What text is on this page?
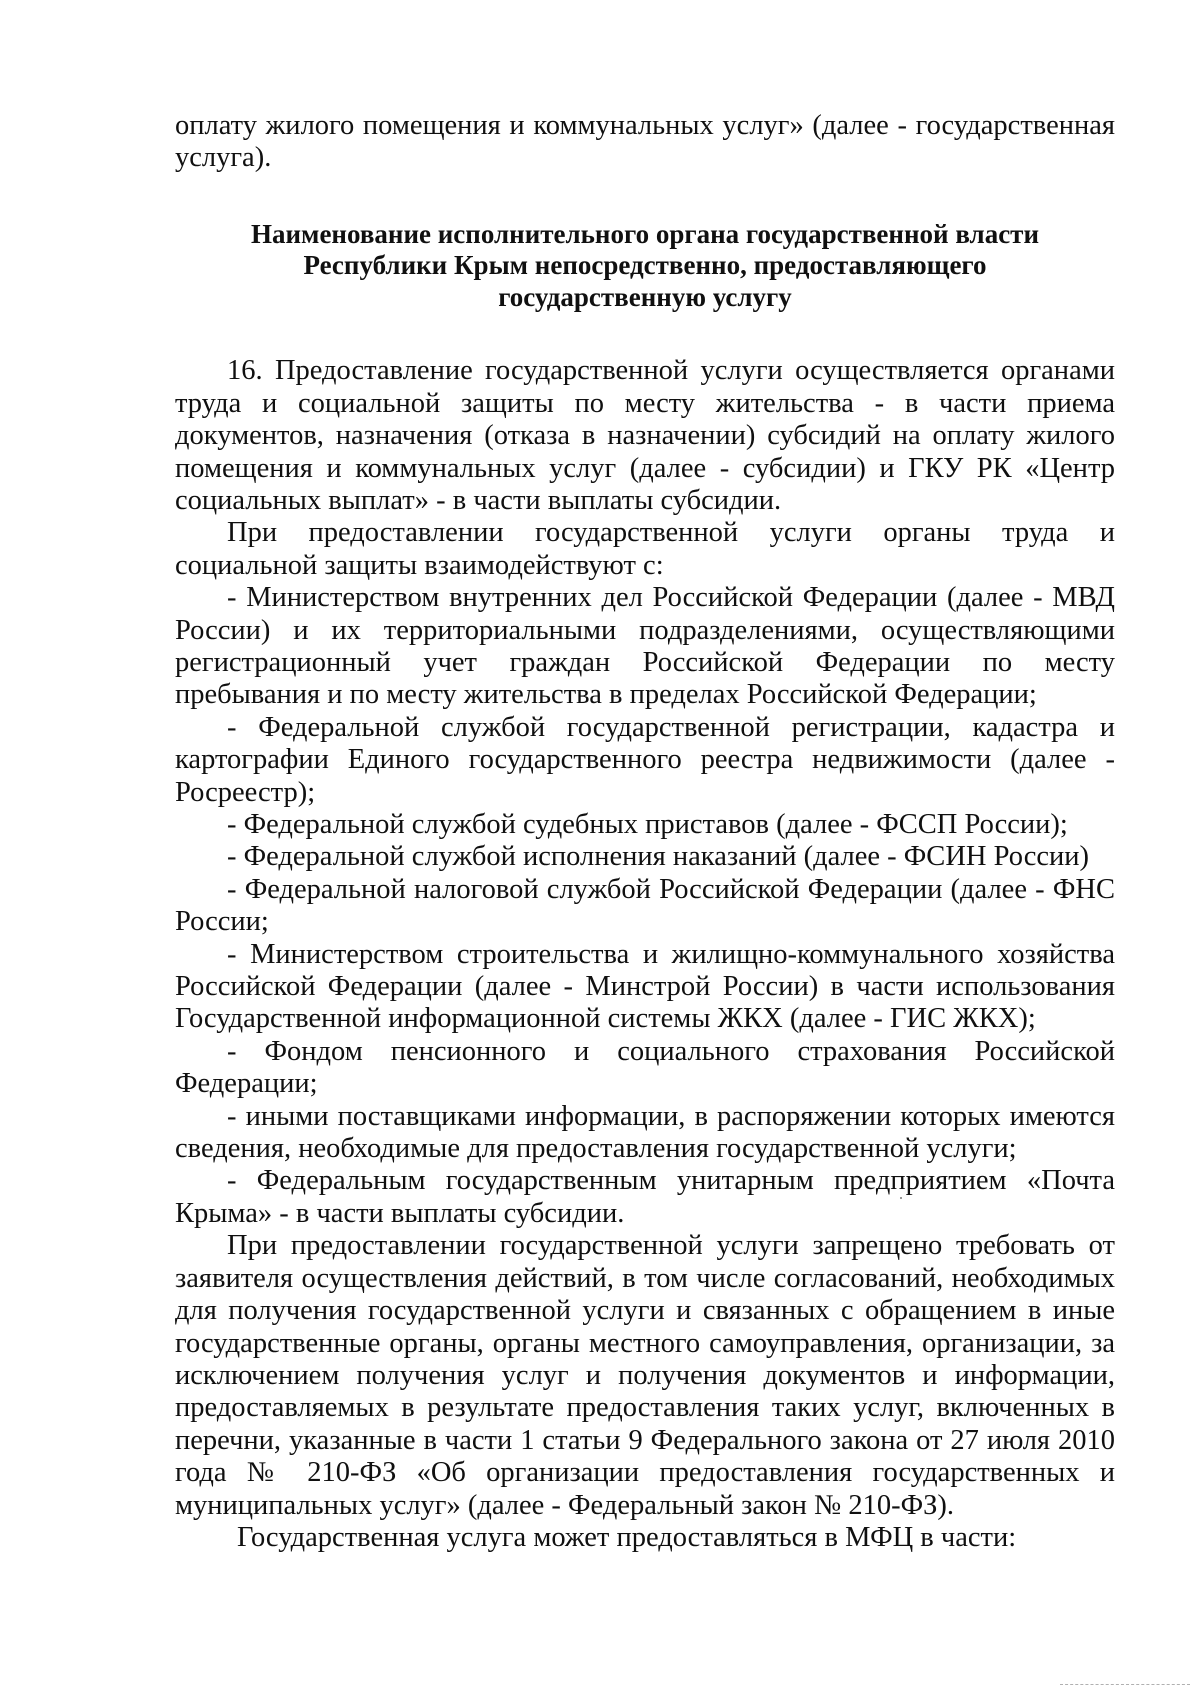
оплату жилого помещения и коммунальных услуг» (далее - государственная услуга).

Наименование исполнительного органа государственной власти
Республики Крым непосредственно, предоставляющего
государственную услугу

16. Предоставление государственной услуги осуществляется органами труда и социальной защиты по месту жительства - в части приема документов, назначения (отказа в назначении) субсидий на оплату жилого помещения и коммунальных услуг (далее - субсидии) и ГКУ РК «Центр социальных выплат» - в части выплаты субсидии.

При предоставлении государственной услуги органы труда и социальной защиты взаимодействуют с:

- Министерством внутренних дел Российской Федерации (далее - МВД России) и их территориальными подразделениями, осуществляющими регистрационный учет граждан Российской Федерации по месту пребывания и по месту жительства в пределах Российской Федерации;

- Федеральной службой государственной регистрации, кадастра и картографии Единого государственного реестра недвижимости (далее - Росреестр);

- Федеральной службой судебных приставов (далее - ФССП России);

- Федеральной службой исполнения наказаний (далее - ФСИН России)

- Федеральной налоговой службой Российской Федерации (далее - ФНС России;

- Министерством строительства и жилищно-коммунального хозяйства Российской Федерации (далее - Минстрой России) в части использования Государственной информационной системы ЖКХ (далее - ГИС ЖКХ);

- Фондом пенсионного и социального страхования Российской Федерации;

- иными поставщиками информации, в распоряжении которых имеются сведения, необходимые для предоставления государственной услуги;

- Федеральным государственным унитарным предприятием «Почта Крыма» - в части выплаты субсидии.

При предоставлении государственной услуги запрещено требовать от заявителя осуществления действий, в том числе согласований, необходимых для получения государственной услуги и связанных с обращением в иные государственные органы, органы местного самоуправления, организации, за исключением получения услуг и получения документов и информации, предоставляемых в результате предоставления таких услуг, включенных в перечни, указанные в части 1 статьи 9 Федерального закона от 27 июля 2010 года № 210-ФЗ «Об организации предоставления государственных и муниципальных услуг» (далее - Федеральный закон № 210-ФЗ).

Государственная услуга может предоставляться в МФЦ в части:
